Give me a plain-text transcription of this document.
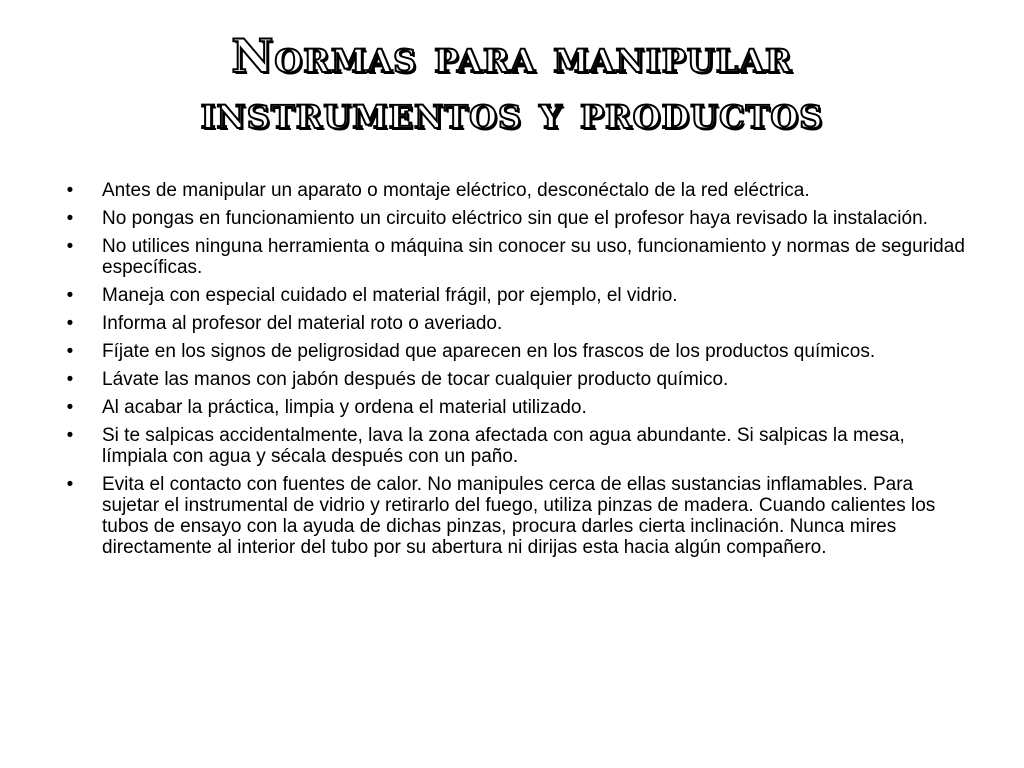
Normas para manipular
instrumentos y productos
•	Antes de manipular un aparato o montaje eléctrico, desconéctalo de la red eléctrica.
•	No pongas en funcionamiento un circuito eléctrico sin que el profesor haya revisado la instalación.
•	No utilices ninguna herramienta o máquina sin conocer su uso, funcionamiento y normas de seguridad específicas.
•	Maneja con especial cuidado el material frágil, por ejemplo, el vidrio.
•	Informa al profesor del material roto o averiado.
•	Fíjate en los signos de peligrosidad que aparecen en los frascos de los productos químicos.
•	Lávate las manos con jabón después de tocar cualquier producto químico.
•	Al acabar la práctica, limpia y ordena el material utilizado.
•	Si te salpicas accidentalmente, lava la zona afectada con agua abundante. Si salpicas la mesa, límpiala con agua y sécala después con un paño.
•	Evita el contacto con fuentes de calor. No manipules cerca de ellas sustancias inflamables. Para sujetar el instrumental de vidrio y retirarlo del fuego, utiliza pinzas de madera. Cuando calientes los tubos de ensayo con la ayuda de dichas pinzas, procura darles cierta inclinación. Nunca mires directamente al interior del tubo por su abertura ni dirijas esta hacia algún compañero.
